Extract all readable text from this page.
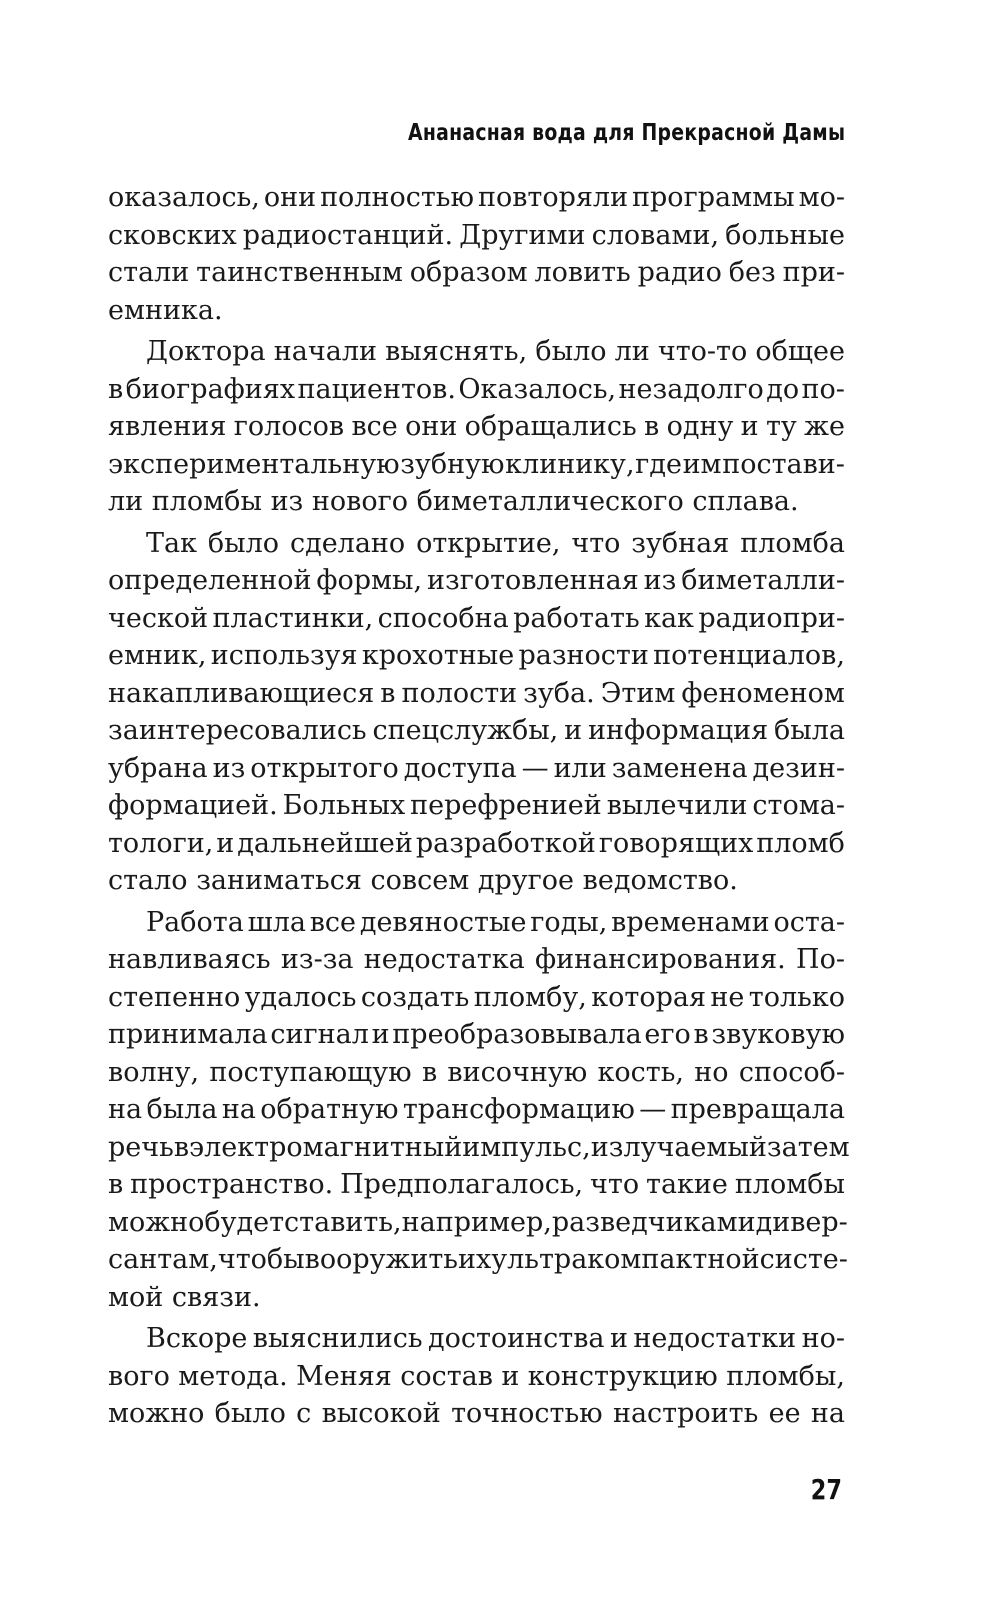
Ананасная вода для Прекрасной Дамы
оказалось, они полностью повторяли программы мо-
сковских радиостанций. Другими словами, больные
стали таинственным образом ловить радио без при-
емника.
Доктора начали выяснять, было ли что-то общее
в биографиях пациентов. Оказалось, незадолго до по-
явления голосов все они обращались в одну и ту же
экспериментальную зубную клинику, где им постави-
ли пломбы из нового биметаллического сплава.
Так было сделано открытие, что зубная пломба
определенной формы, изготовленная из биметалли-
ческой пластинки, способна работать как радиопри-
емник, используя крохотные разности потенциалов,
накапливающиеся в полости зуба. Этим феноменом
заинтересовались спецслужбы, и информация была
убрана из открытого доступа — или заменена дезин-
формацией. Больных перефренией вылечили стома-
тологи, и дальнейшей разработкой говорящих пломб
стало заниматься совсем другое ведомство.
Работа шла все девяностые годы, временами оста-
навливаясь из-за недостатка финансирования. По-
степенно удалось создать пломбу, которая не только
принимала сигнал и преобразовывала его в звуковую
волну, поступающую в височную кость, но способ-
на была на обратную трансформацию — превращала
речь в электромагнитный импульс, излучаемый затем
в пространство. Предполагалось, что такие пломбы
можно будет ставить, например, разведчикам и дивер-
сантам, чтобы вооружить их ультракомпактной систе-
мой связи.
Вскоре выяснились достоинства и недостатки но-
вого метода. Меняя состав и конструкцию пломбы,
можно было с высокой точностью настроить ее на
27
